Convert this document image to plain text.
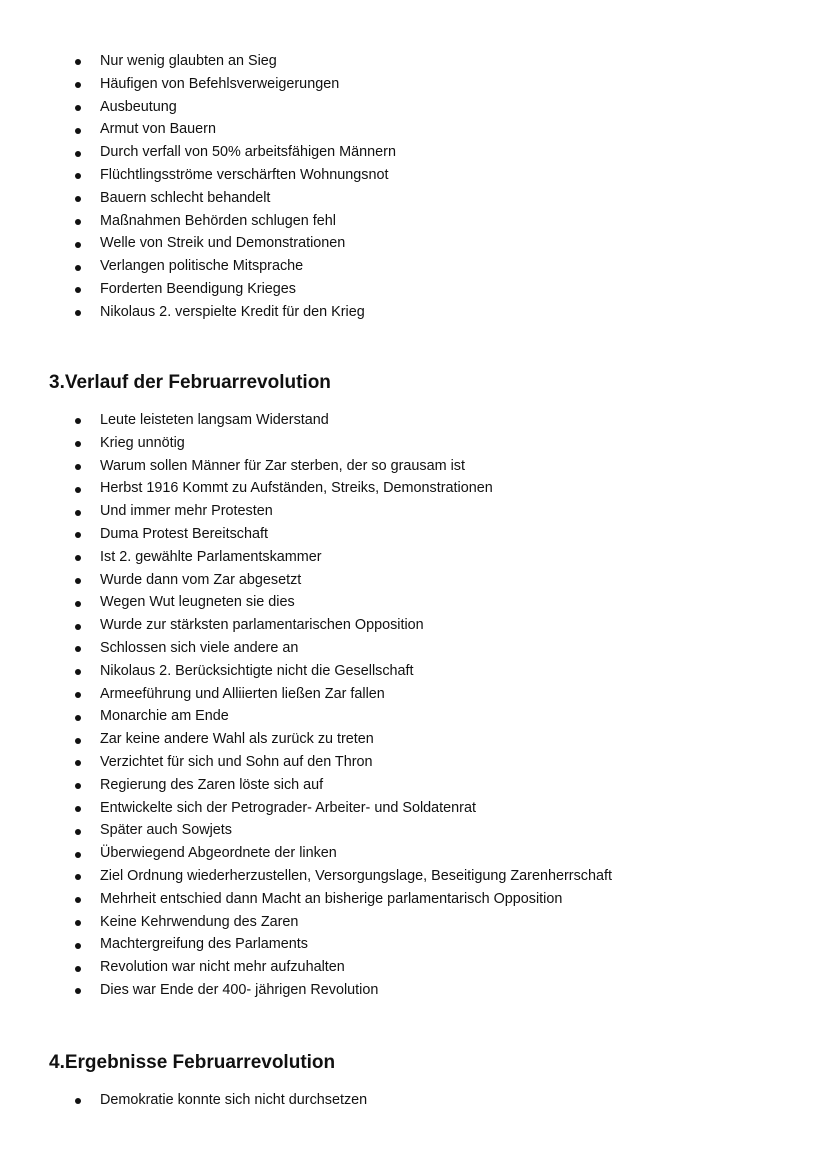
Nur wenig glaubten an Sieg
Häufigen von Befehlsverweigerungen
Ausbeutung
Armut von Bauern
Durch verfall von 50% arbeitsfähigen Männern
Flüchtlingsströme verschärften Wohnungsnot
Bauern schlecht behandelt
Maßnahmen Behörden schlugen fehl
Welle von Streik und Demonstrationen
Verlangen politische Mitsprache
Forderten Beendigung Krieges
Nikolaus 2. verspielte Kredit für den Krieg
3.Verlauf der Februarrevolution
Leute leisteten langsam Widerstand
Krieg unnötig
Warum sollen Männer für Zar sterben, der so grausam ist
Herbst 1916 Kommt zu Aufständen, Streiks, Demonstrationen
Und immer mehr Protesten
Duma Protest Bereitschaft
Ist 2. gewählte Parlamentskammer
Wurde dann vom Zar abgesetzt
Wegen Wut leugneten sie dies
Wurde zur stärksten parlamentarischen Opposition
Schlossen sich viele andere an
Nikolaus 2. Berücksichtigte nicht die Gesellschaft
Armeeführung und Alliierten ließen Zar fallen
Monarchie am Ende
Zar keine andere Wahl als zurück zu treten
Verzichtet für sich und Sohn auf den Thron
Regierung des Zaren löste sich auf
Entwickelte sich der Petrograder- Arbeiter- und Soldatenrat
Später auch Sowjets
Überwiegend Abgeordnete der linken
Ziel Ordnung wiederherzustellen, Versorgungslage, Beseitigung Zarenherrschaft
Mehrheit entschied dann Macht an bisherige parlamentarisch Opposition
Keine Kehrwendung des Zaren
Machtergreifung des Parlaments
Revolution war nicht mehr aufzuhalten
Dies war Ende der 400- jährigen Revolution
4.Ergebnisse Februarrevolution
Demokratie konnte sich nicht durchsetzen
